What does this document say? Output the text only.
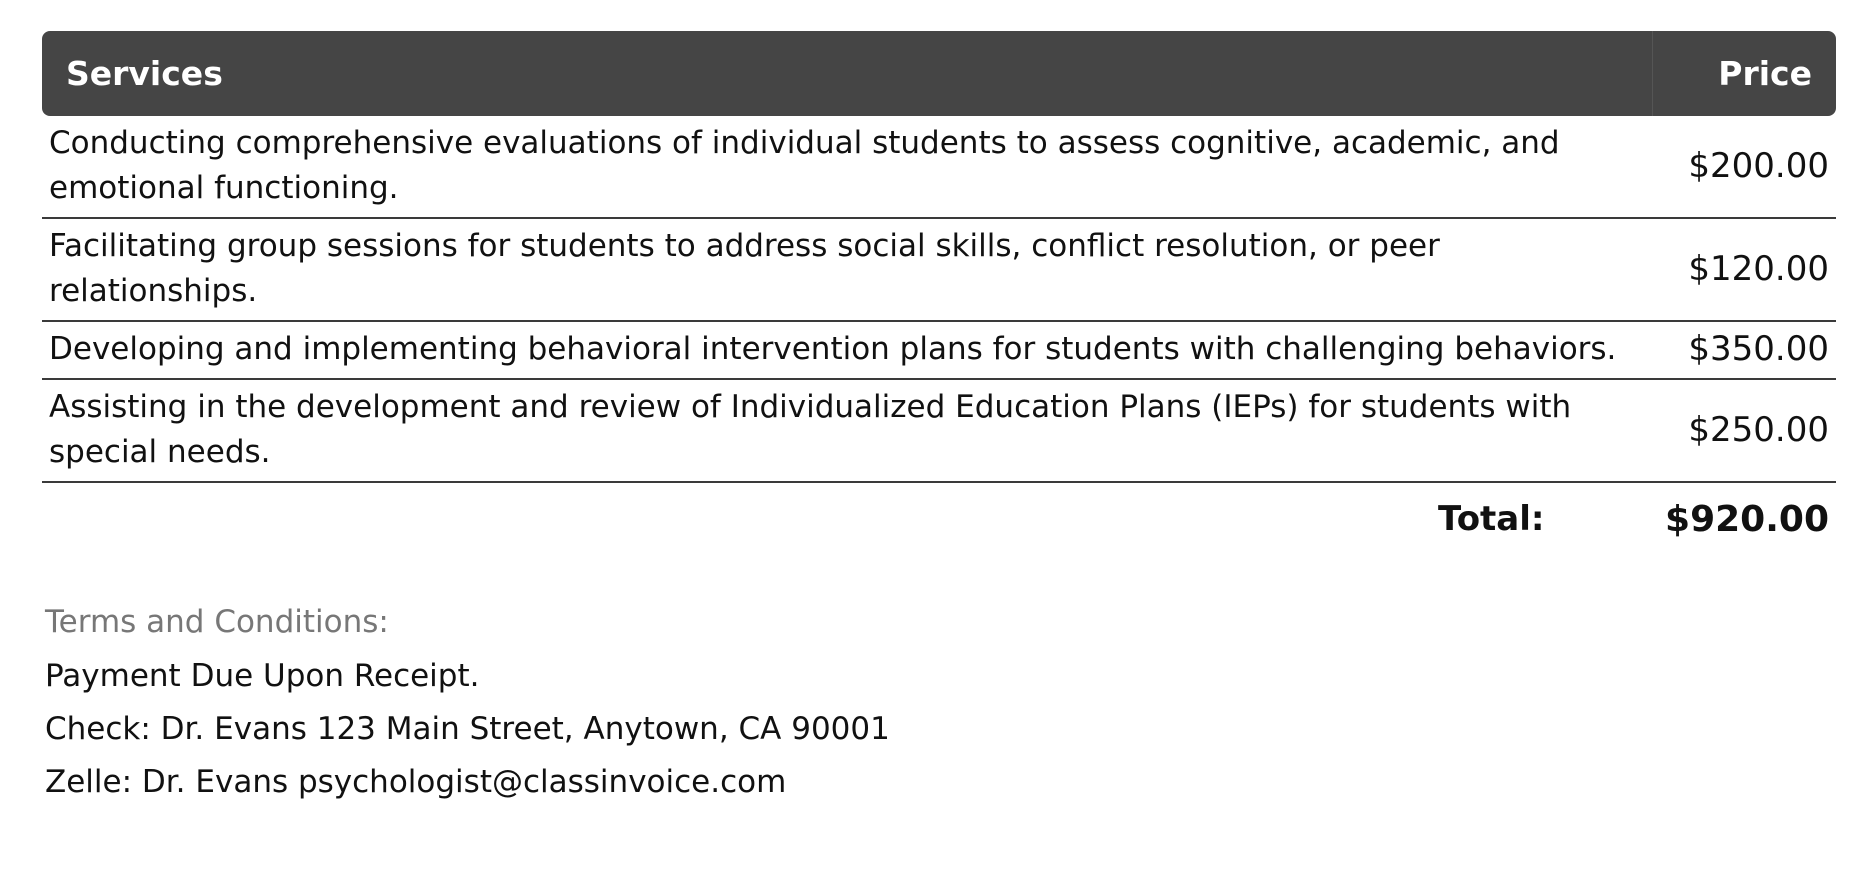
Services	Price
Conducting comprehensive evaluations of individual students to assess cognitive, academic, and emotional functioning.	$200.00
Facilitating group sessions for students to address social skills, conflict resolution, or peer relationships.	$120.00
Developing and implementing behavioral intervention plans for students with challenging behaviors.	$350.00
Assisting in the development and review of Individualized Education Plans (IEPs) for students with special needs.	$250.00
Total:	$920.00
Terms and Conditions:
Payment Due Upon Receipt.
Check: Dr. Evans 123 Main Street, Anytown, CA 90001
Zelle: Dr. Evans psychologist@classinvoice.com
